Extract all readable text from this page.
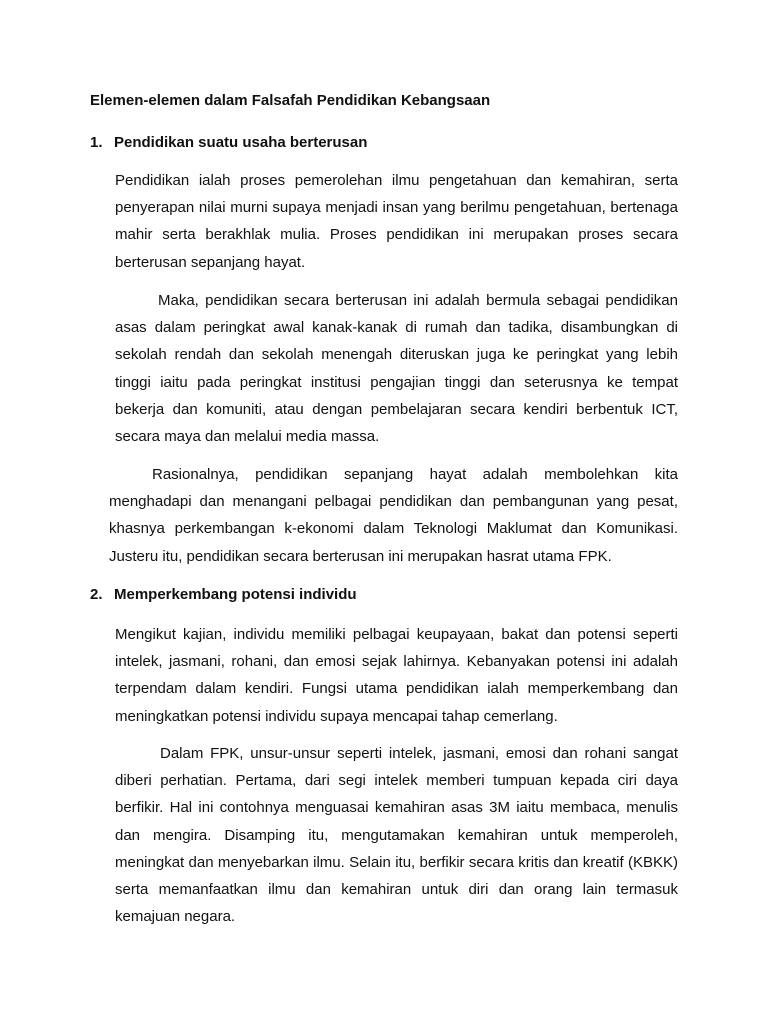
Elemen-elemen dalam Falsafah Pendidikan Kebangsaan
1. Pendidikan suatu usaha berterusan

Pendidikan ialah proses pemerolehan ilmu pengetahuan dan kemahiran, serta penyerapan nilai murni supaya menjadi insan yang berilmu pengetahuan, bertenaga mahir serta berakhlak mulia. Proses pendidikan ini merupakan proses secara berterusan sepanjang hayat.

Maka, pendidikan secara berterusan ini adalah bermula sebagai pendidikan asas dalam peringkat awal kanak-kanak di rumah dan tadika, disambungkan di sekolah rendah dan sekolah menengah diteruskan juga ke peringkat yang lebih tinggi iaitu pada peringkat institusi pengajian tinggi dan seterusnya ke tempat bekerja dan komuniti, atau dengan pembelajaran secara kendiri berbentuk ICT, secara maya dan melalui media massa.

Rasionalnya, pendidikan sepanjang hayat adalah membolehkan kita menghadapi dan menangani pelbagai pendidikan dan pembangunan yang pesat, khasnya perkembangan k-ekonomi dalam Teknologi Maklumat dan Komunikasi. Justeru itu, pendidikan secara berterusan ini merupakan hasrat utama FPK.

2. Memperkembang potensi individu

Mengikut kajian, individu memiliki pelbagai keupayaan, bakat dan potensi seperti intelek, jasmani, rohani, dan emosi sejak lahirnya. Kebanyakan potensi ini adalah terpendam dalam kendiri. Fungsi utama pendidikan ialah memperkembang dan meningkatkan potensi individu supaya mencapai tahap cemerlang.

Dalam FPK, unsur-unsur seperti intelek, jasmani, emosi dan rohani sangat diberi perhatian. Pertama, dari segi intelek memberi tumpuan kepada ciri daya berfikir. Hal ini contohnya menguasai kemahiran asas 3M iaitu membaca, menulis dan mengira. Disamping itu, mengutamakan kemahiran untuk memperoleh, meningkat dan menyebarkan ilmu. Selain itu, berfikir secara kritis dan kreatif (KBKK) serta memanfaatkan ilmu dan kemahiran untuk diri dan orang lain termasuk kemajuan negara.
